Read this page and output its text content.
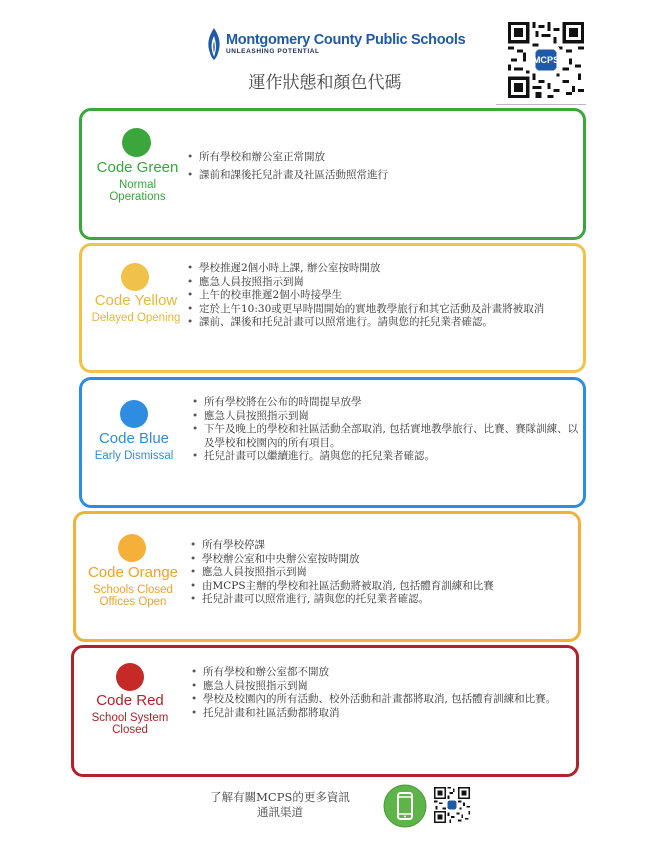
Montgomery County Public Schools
UNLEASHING POTENTIAL
運作狀態和顏色代碼
MCPS
Code Green
Normal Operations
• 所有學校和辦公室正常開放
• 課前和課後托兒計畫及社區活動照常進行
Code Yellow
Delayed Opening
• 學校推遲2個小時上課, 辦公室按時開放
• 應急人員按照指示到崗
• 上午的校車推遲2個小時接學生
• 定於上午10:30或更早時間開始的實地教學旅行和其它活動及計畫將被取消
• 課前、課後和托兒計畫可以照常進行。請與您的托兒業者確認。
Code Blue
Early Dismissal
• 所有學校將在公布的時間提早放學
• 應急人員按照指示到崗
• 下午及晚上的學校和社區活動全部取消, 包括實地教學旅行、比賽、賽隊訓練、以及學校和校園內的所有項目。
• 托兒計畫可以繼續進行。請與您的托兒業者確認。
Code Orange
Schools Closed Offices Open
• 所有學校停課
• 學校辦公室和中央辦公室按時開放
• 應急人員按照指示到崗
• 由MCPS主辦的學校和社區活動將被取消, 包括體育訓練和比賽
• 托兒計畫可以照常進行, 請與您的托兒業者確認。
Code Red
School System Closed
• 所有學校和辦公室都不開放
• 應急人員按照指示到崗
• 學校及校園內的所有活動、校外活動和計畫都將取消, 包括體育訓練和比賽。
• 托兒計畫和社區活動都將取消
了解有關MCPS的更多資訊
通訊渠道
